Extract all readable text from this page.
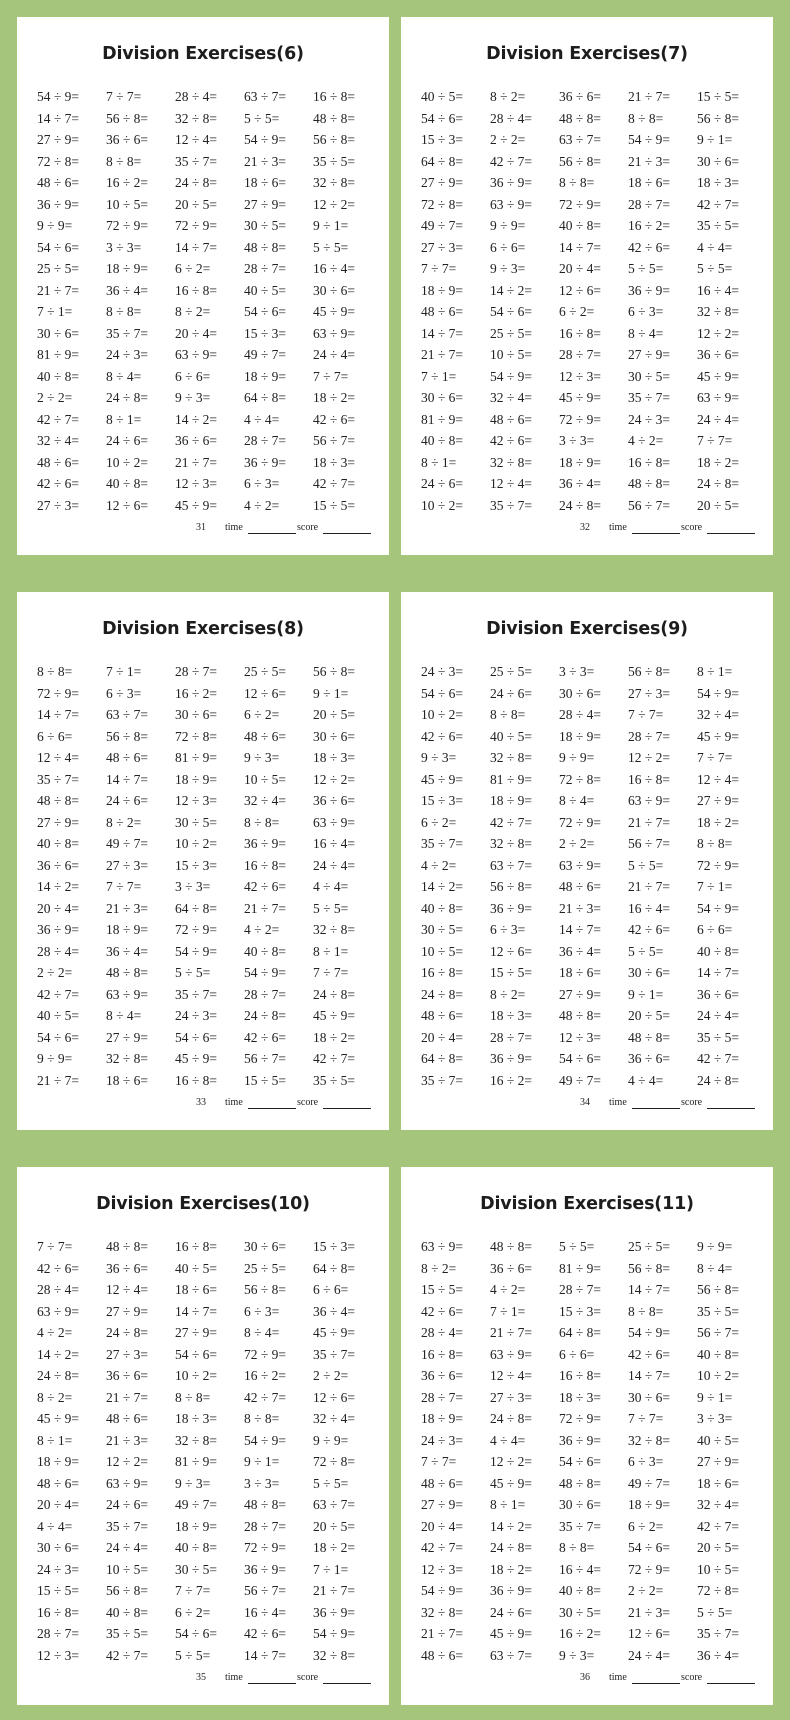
Division Exercises(6)
54 ÷ 9=	7 ÷ 7=	28 ÷ 4=	63 ÷ 7=	16 ÷ 8=
14 ÷ 7=	56 ÷ 8=	32 ÷ 8=	5 ÷ 5=	48 ÷ 8=
27 ÷ 9=	36 ÷ 6=	12 ÷ 4=	54 ÷ 9=	56 ÷ 8=
72 ÷ 8=	8 ÷ 8=	35 ÷ 7=	21 ÷ 3=	35 ÷ 5=
48 ÷ 6=	16 ÷ 2=	24 ÷ 8=	18 ÷ 6=	32 ÷ 8=
36 ÷ 9=	10 ÷ 5=	20 ÷ 5=	27 ÷ 9=	12 ÷ 2=
9 ÷ 9=	72 ÷ 9=	72 ÷ 9=	30 ÷ 5=	9 ÷ 1=
54 ÷ 6=	3 ÷ 3=	14 ÷ 7=	48 ÷ 8=	5 ÷ 5=
25 ÷ 5=	18 ÷ 9=	6 ÷ 2=	28 ÷ 7=	16 ÷ 4=
21 ÷ 7=	36 ÷ 4=	16 ÷ 8=	40 ÷ 5=	30 ÷ 6=
7 ÷ 1=	8 ÷ 8=	8 ÷ 2=	54 ÷ 6=	45 ÷ 9=
30 ÷ 6=	35 ÷ 7=	20 ÷ 4=	15 ÷ 3=	63 ÷ 9=
81 ÷ 9=	24 ÷ 3=	63 ÷ 9=	49 ÷ 7=	24 ÷ 4=
40 ÷ 8=	8 ÷ 4=	6 ÷ 6=	18 ÷ 9=	7 ÷ 7=
2 ÷ 2=	24 ÷ 8=	9 ÷ 3=	64 ÷ 8=	18 ÷ 2=
42 ÷ 7=	8 ÷ 1=	14 ÷ 2=	4 ÷ 4=	42 ÷ 6=
32 ÷ 4=	24 ÷ 6=	36 ÷ 6=	28 ÷ 7=	56 ÷ 7=
48 ÷ 6=	10 ÷ 2=	21 ÷ 7=	36 ÷ 9=	18 ÷ 3=
42 ÷ 6=	40 ÷ 8=	12 ÷ 3=	6 ÷ 3=	42 ÷ 7=
27 ÷ 3=	12 ÷ 6=	45 ÷ 9=	4 ÷ 2=	15 ÷ 5=
31 time	score
Division Exercises(7)
40 ÷ 5=	8 ÷ 2=	36 ÷ 6=	21 ÷ 7=	15 ÷ 5=
54 ÷ 6=	28 ÷ 4=	48 ÷ 8=	8 ÷ 8=	56 ÷ 8=
15 ÷ 3=	2 ÷ 2=	63 ÷ 7=	54 ÷ 9=	9 ÷ 1=
64 ÷ 8=	42 ÷ 7=	56 ÷ 8=	21 ÷ 3=	30 ÷ 6=
27 ÷ 9=	36 ÷ 9=	8 ÷ 8=	18 ÷ 6=	18 ÷ 3=
72 ÷ 8=	63 ÷ 9=	72 ÷ 9=	28 ÷ 7=	42 ÷ 7=
49 ÷ 7=	9 ÷ 9=	40 ÷ 8=	16 ÷ 2=	35 ÷ 5=
27 ÷ 3=	6 ÷ 6=	14 ÷ 7=	42 ÷ 6=	4 ÷ 4=
7 ÷ 7=	9 ÷ 3=	20 ÷ 4=	5 ÷ 5=	5 ÷ 5=
18 ÷ 9=	14 ÷ 2=	12 ÷ 6=	36 ÷ 9=	16 ÷ 4=
48 ÷ 6=	54 ÷ 6=	6 ÷ 2=	6 ÷ 3=	32 ÷ 8=
14 ÷ 7=	25 ÷ 5=	16 ÷ 8=	8 ÷ 4=	12 ÷ 2=
21 ÷ 7=	10 ÷ 5=	28 ÷ 7=	27 ÷ 9=	36 ÷ 6=
7 ÷ 1=	54 ÷ 9=	12 ÷ 3=	30 ÷ 5=	45 ÷ 9=
30 ÷ 6=	32 ÷ 4=	45 ÷ 9=	35 ÷ 7=	63 ÷ 9=
81 ÷ 9=	48 ÷ 6=	72 ÷ 9=	24 ÷ 3=	24 ÷ 4=
40 ÷ 8=	42 ÷ 6=	3 ÷ 3=	4 ÷ 2=	7 ÷ 7=
8 ÷ 1=	32 ÷ 8=	18 ÷ 9=	16 ÷ 8=	18 ÷ 2=
24 ÷ 6=	12 ÷ 4=	36 ÷ 4=	48 ÷ 8=	24 ÷ 8=
10 ÷ 2=	35 ÷ 7=	24 ÷ 8=	56 ÷ 7=	20 ÷ 5=
32 time	score
Division Exercises(8)
8 ÷ 8=	7 ÷ 1=	28 ÷ 7=	25 ÷ 5=	56 ÷ 8=
72 ÷ 9=	6 ÷ 3=	16 ÷ 2=	12 ÷ 6=	9 ÷ 1=
14 ÷ 7=	63 ÷ 7=	30 ÷ 6=	6 ÷ 2=	20 ÷ 5=
6 ÷ 6=	56 ÷ 8=	72 ÷ 8=	48 ÷ 6=	30 ÷ 6=
12 ÷ 4=	48 ÷ 6=	81 ÷ 9=	9 ÷ 3=	18 ÷ 3=
35 ÷ 7=	14 ÷ 7=	18 ÷ 9=	10 ÷ 5=	12 ÷ 2=
48 ÷ 8=	24 ÷ 6=	12 ÷ 3=	32 ÷ 4=	36 ÷ 6=
27 ÷ 9=	8 ÷ 2=	30 ÷ 5=	8 ÷ 8=	63 ÷ 9=
40 ÷ 8=	49 ÷ 7=	10 ÷ 2=	36 ÷ 9=	16 ÷ 4=
36 ÷ 6=	27 ÷ 3=	15 ÷ 3=	16 ÷ 8=	24 ÷ 4=
14 ÷ 2=	7 ÷ 7=	3 ÷ 3=	42 ÷ 6=	4 ÷ 4=
20 ÷ 4=	21 ÷ 3=	64 ÷ 8=	21 ÷ 7=	5 ÷ 5=
36 ÷ 9=	18 ÷ 9=	72 ÷ 9=	4 ÷ 2=	32 ÷ 8=
28 ÷ 4=	36 ÷ 4=	54 ÷ 9=	40 ÷ 8=	8 ÷ 1=
2 ÷ 2=	48 ÷ 8=	5 ÷ 5=	54 ÷ 9=	7 ÷ 7=
42 ÷ 7=	63 ÷ 9=	35 ÷ 7=	28 ÷ 7=	24 ÷ 8=
40 ÷ 5=	8 ÷ 4=	24 ÷ 3=	24 ÷ 8=	45 ÷ 9=
54 ÷ 6=	27 ÷ 9=	54 ÷ 6=	42 ÷ 6=	18 ÷ 2=
9 ÷ 9=	32 ÷ 8=	45 ÷ 9=	56 ÷ 7=	42 ÷ 7=
21 ÷ 7=	18 ÷ 6=	16 ÷ 8=	15 ÷ 5=	35 ÷ 5=
33 time	score
Division Exercises(9)
24 ÷ 3=	25 ÷ 5=	3 ÷ 3=	56 ÷ 8=	8 ÷ 1=
54 ÷ 6=	24 ÷ 6=	30 ÷ 6=	27 ÷ 3=	54 ÷ 9=
10 ÷ 2=	8 ÷ 8=	28 ÷ 4=	7 ÷ 7=	32 ÷ 4=
42 ÷ 6=	40 ÷ 5=	18 ÷ 9=	28 ÷ 7=	45 ÷ 9=
9 ÷ 3=	32 ÷ 8=	9 ÷ 9=	12 ÷ 2=	7 ÷ 7=
45 ÷ 9=	81 ÷ 9=	72 ÷ 8=	16 ÷ 8=	12 ÷ 4=
15 ÷ 3=	18 ÷ 9=	8 ÷ 4=	63 ÷ 9=	27 ÷ 9=
6 ÷ 2=	42 ÷ 7=	72 ÷ 9=	21 ÷ 7=	18 ÷ 2=
35 ÷ 7=	32 ÷ 8=	2 ÷ 2=	56 ÷ 7=	8 ÷ 8=
4 ÷ 2=	63 ÷ 7=	63 ÷ 9=	5 ÷ 5=	72 ÷ 9=
14 ÷ 2=	56 ÷ 8=	48 ÷ 6=	21 ÷ 7=	7 ÷ 1=
40 ÷ 8=	36 ÷ 9=	21 ÷ 3=	16 ÷ 4=	54 ÷ 9=
30 ÷ 5=	6 ÷ 3=	14 ÷ 7=	42 ÷ 6=	6 ÷ 6=
10 ÷ 5=	12 ÷ 6=	36 ÷ 4=	5 ÷ 5=	40 ÷ 8=
16 ÷ 8=	15 ÷ 5=	18 ÷ 6=	30 ÷ 6=	14 ÷ 7=
24 ÷ 8=	8 ÷ 2=	27 ÷ 9=	9 ÷ 1=	36 ÷ 6=
48 ÷ 6=	18 ÷ 3=	48 ÷ 8=	20 ÷ 5=	24 ÷ 4=
20 ÷ 4=	28 ÷ 7=	12 ÷ 3=	48 ÷ 8=	35 ÷ 5=
64 ÷ 8=	36 ÷ 9=	54 ÷ 6=	36 ÷ 6=	42 ÷ 7=
35 ÷ 7=	16 ÷ 2=	49 ÷ 7=	4 ÷ 4=	24 ÷ 8=
34 time	score
Division Exercises(10)
7 ÷ 7=	48 ÷ 8=	16 ÷ 8=	30 ÷ 6=	15 ÷ 3=
42 ÷ 6=	36 ÷ 6=	40 ÷ 5=	25 ÷ 5=	64 ÷ 8=
28 ÷ 4=	12 ÷ 4=	18 ÷ 6=	56 ÷ 8=	6 ÷ 6=
63 ÷ 9=	27 ÷ 9=	14 ÷ 7=	6 ÷ 3=	36 ÷ 4=
4 ÷ 2=	24 ÷ 8=	27 ÷ 9=	8 ÷ 4=	45 ÷ 9=
14 ÷ 2=	27 ÷ 3=	54 ÷ 6=	72 ÷ 9=	35 ÷ 7=
24 ÷ 8=	36 ÷ 6=	10 ÷ 2=	16 ÷ 2=	2 ÷ 2=
8 ÷ 2=	21 ÷ 7=	8 ÷ 8=	42 ÷ 7=	12 ÷ 6=
45 ÷ 9=	48 ÷ 6=	18 ÷ 3=	8 ÷ 8=	32 ÷ 4=
8 ÷ 1=	21 ÷ 3=	32 ÷ 8=	54 ÷ 9=	9 ÷ 9=
18 ÷ 9=	12 ÷ 2=	81 ÷ 9=	9 ÷ 1=	72 ÷ 8=
48 ÷ 6=	63 ÷ 9=	9 ÷ 3=	3 ÷ 3=	5 ÷ 5=
20 ÷ 4=	24 ÷ 6=	49 ÷ 7=	48 ÷ 8=	63 ÷ 7=
4 ÷ 4=	35 ÷ 7=	18 ÷ 9=	28 ÷ 7=	20 ÷ 5=
30 ÷ 6=	24 ÷ 4=	40 ÷ 8=	72 ÷ 9=	18 ÷ 2=
24 ÷ 3=	10 ÷ 5=	30 ÷ 5=	36 ÷ 9=	7 ÷ 1=
15 ÷ 5=	56 ÷ 8=	7 ÷ 7=	56 ÷ 7=	21 ÷ 7=
16 ÷ 8=	40 ÷ 8=	6 ÷ 2=	16 ÷ 4=	36 ÷ 9=
28 ÷ 7=	35 ÷ 5=	54 ÷ 6=	42 ÷ 6=	54 ÷ 9=
12 ÷ 3=	42 ÷ 7=	5 ÷ 5=	14 ÷ 7=	32 ÷ 8=
35 time	score
Division Exercises(11)
63 ÷ 9=	48 ÷ 8=	5 ÷ 5=	25 ÷ 5=	9 ÷ 9=
8 ÷ 2=	36 ÷ 6=	81 ÷ 9=	56 ÷ 8=	8 ÷ 4=
15 ÷ 5=	4 ÷ 2=	28 ÷ 7=	14 ÷ 7=	56 ÷ 8=
42 ÷ 6=	7 ÷ 1=	15 ÷ 3=	8 ÷ 8=	35 ÷ 5=
28 ÷ 4=	21 ÷ 7=	64 ÷ 8=	54 ÷ 9=	56 ÷ 7=
16 ÷ 8=	63 ÷ 9=	6 ÷ 6=	42 ÷ 6=	40 ÷ 8=
36 ÷ 6=	12 ÷ 4=	16 ÷ 8=	14 ÷ 7=	10 ÷ 2=
28 ÷ 7=	27 ÷ 3=	18 ÷ 3=	30 ÷ 6=	9 ÷ 1=
18 ÷ 9=	24 ÷ 8=	72 ÷ 9=	7 ÷ 7=	3 ÷ 3=
24 ÷ 3=	4 ÷ 4=	36 ÷ 9=	32 ÷ 8=	40 ÷ 5=
7 ÷ 7=	12 ÷ 2=	54 ÷ 6=	6 ÷ 3=	27 ÷ 9=
48 ÷ 6=	45 ÷ 9=	48 ÷ 8=	49 ÷ 7=	18 ÷ 6=
27 ÷ 9=	8 ÷ 1=	30 ÷ 6=	18 ÷ 9=	32 ÷ 4=
20 ÷ 4=	14 ÷ 2=	35 ÷ 7=	6 ÷ 2=	42 ÷ 7=
42 ÷ 7=	24 ÷ 8=	8 ÷ 8=	54 ÷ 6=	20 ÷ 5=
12 ÷ 3=	18 ÷ 2=	16 ÷ 4=	72 ÷ 9=	10 ÷ 5=
54 ÷ 9=	36 ÷ 9=	40 ÷ 8=	2 ÷ 2=	72 ÷ 8=
32 ÷ 8=	24 ÷ 6=	30 ÷ 5=	21 ÷ 3=	5 ÷ 5=
21 ÷ 7=	45 ÷ 9=	16 ÷ 2=	12 ÷ 6=	35 ÷ 7=
48 ÷ 6=	63 ÷ 7=	9 ÷ 3=	24 ÷ 4=	36 ÷ 4=
36 time	score
